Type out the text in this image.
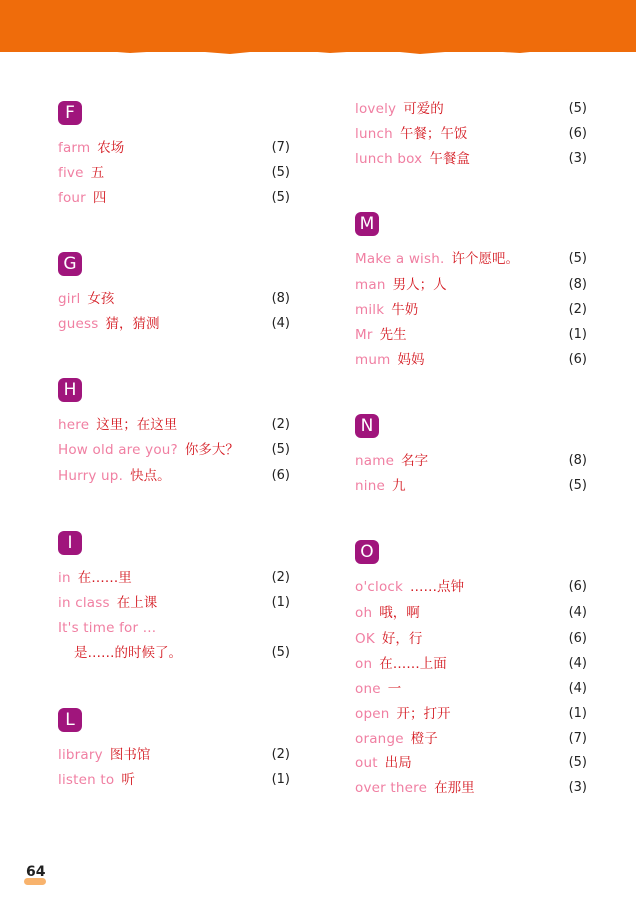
F
farm 农场	(7)
five 五	(5)
four 四	(5)
G
girl 女孩	(8)
guess 猜，猜测	(4)
H
here 这里；在这里	(2)
How old are you? 你多大？	(5)
Hurry up. 快点。	(6)
I
in 在……里	(2)
in class 在上课	(1)
It's time for ...
是……的时候了。	(5)
L
library 图书馆	(2)
listen to 听	(1)
lovely 可爱的	(5)
lunch 午餐；午饭	(6)
lunch box 午餐盒	(3)
M
Make a wish. 许个愿吧。	(5)
man 男人；人	(8)
milk 牛奶	(2)
Mr 先生	(1)
mum 妈妈	(6)
N
name 名字	(8)
nine 九	(5)
O
o'clock ……点钟	(6)
oh 哦，啊	(4)
OK 好，行	(6)
on 在……上面	(4)
one 一	(4)
open 开；打开	(1)
orange 橙子	(7)
out 出局	(5)
over there 在那里	(3)
64
